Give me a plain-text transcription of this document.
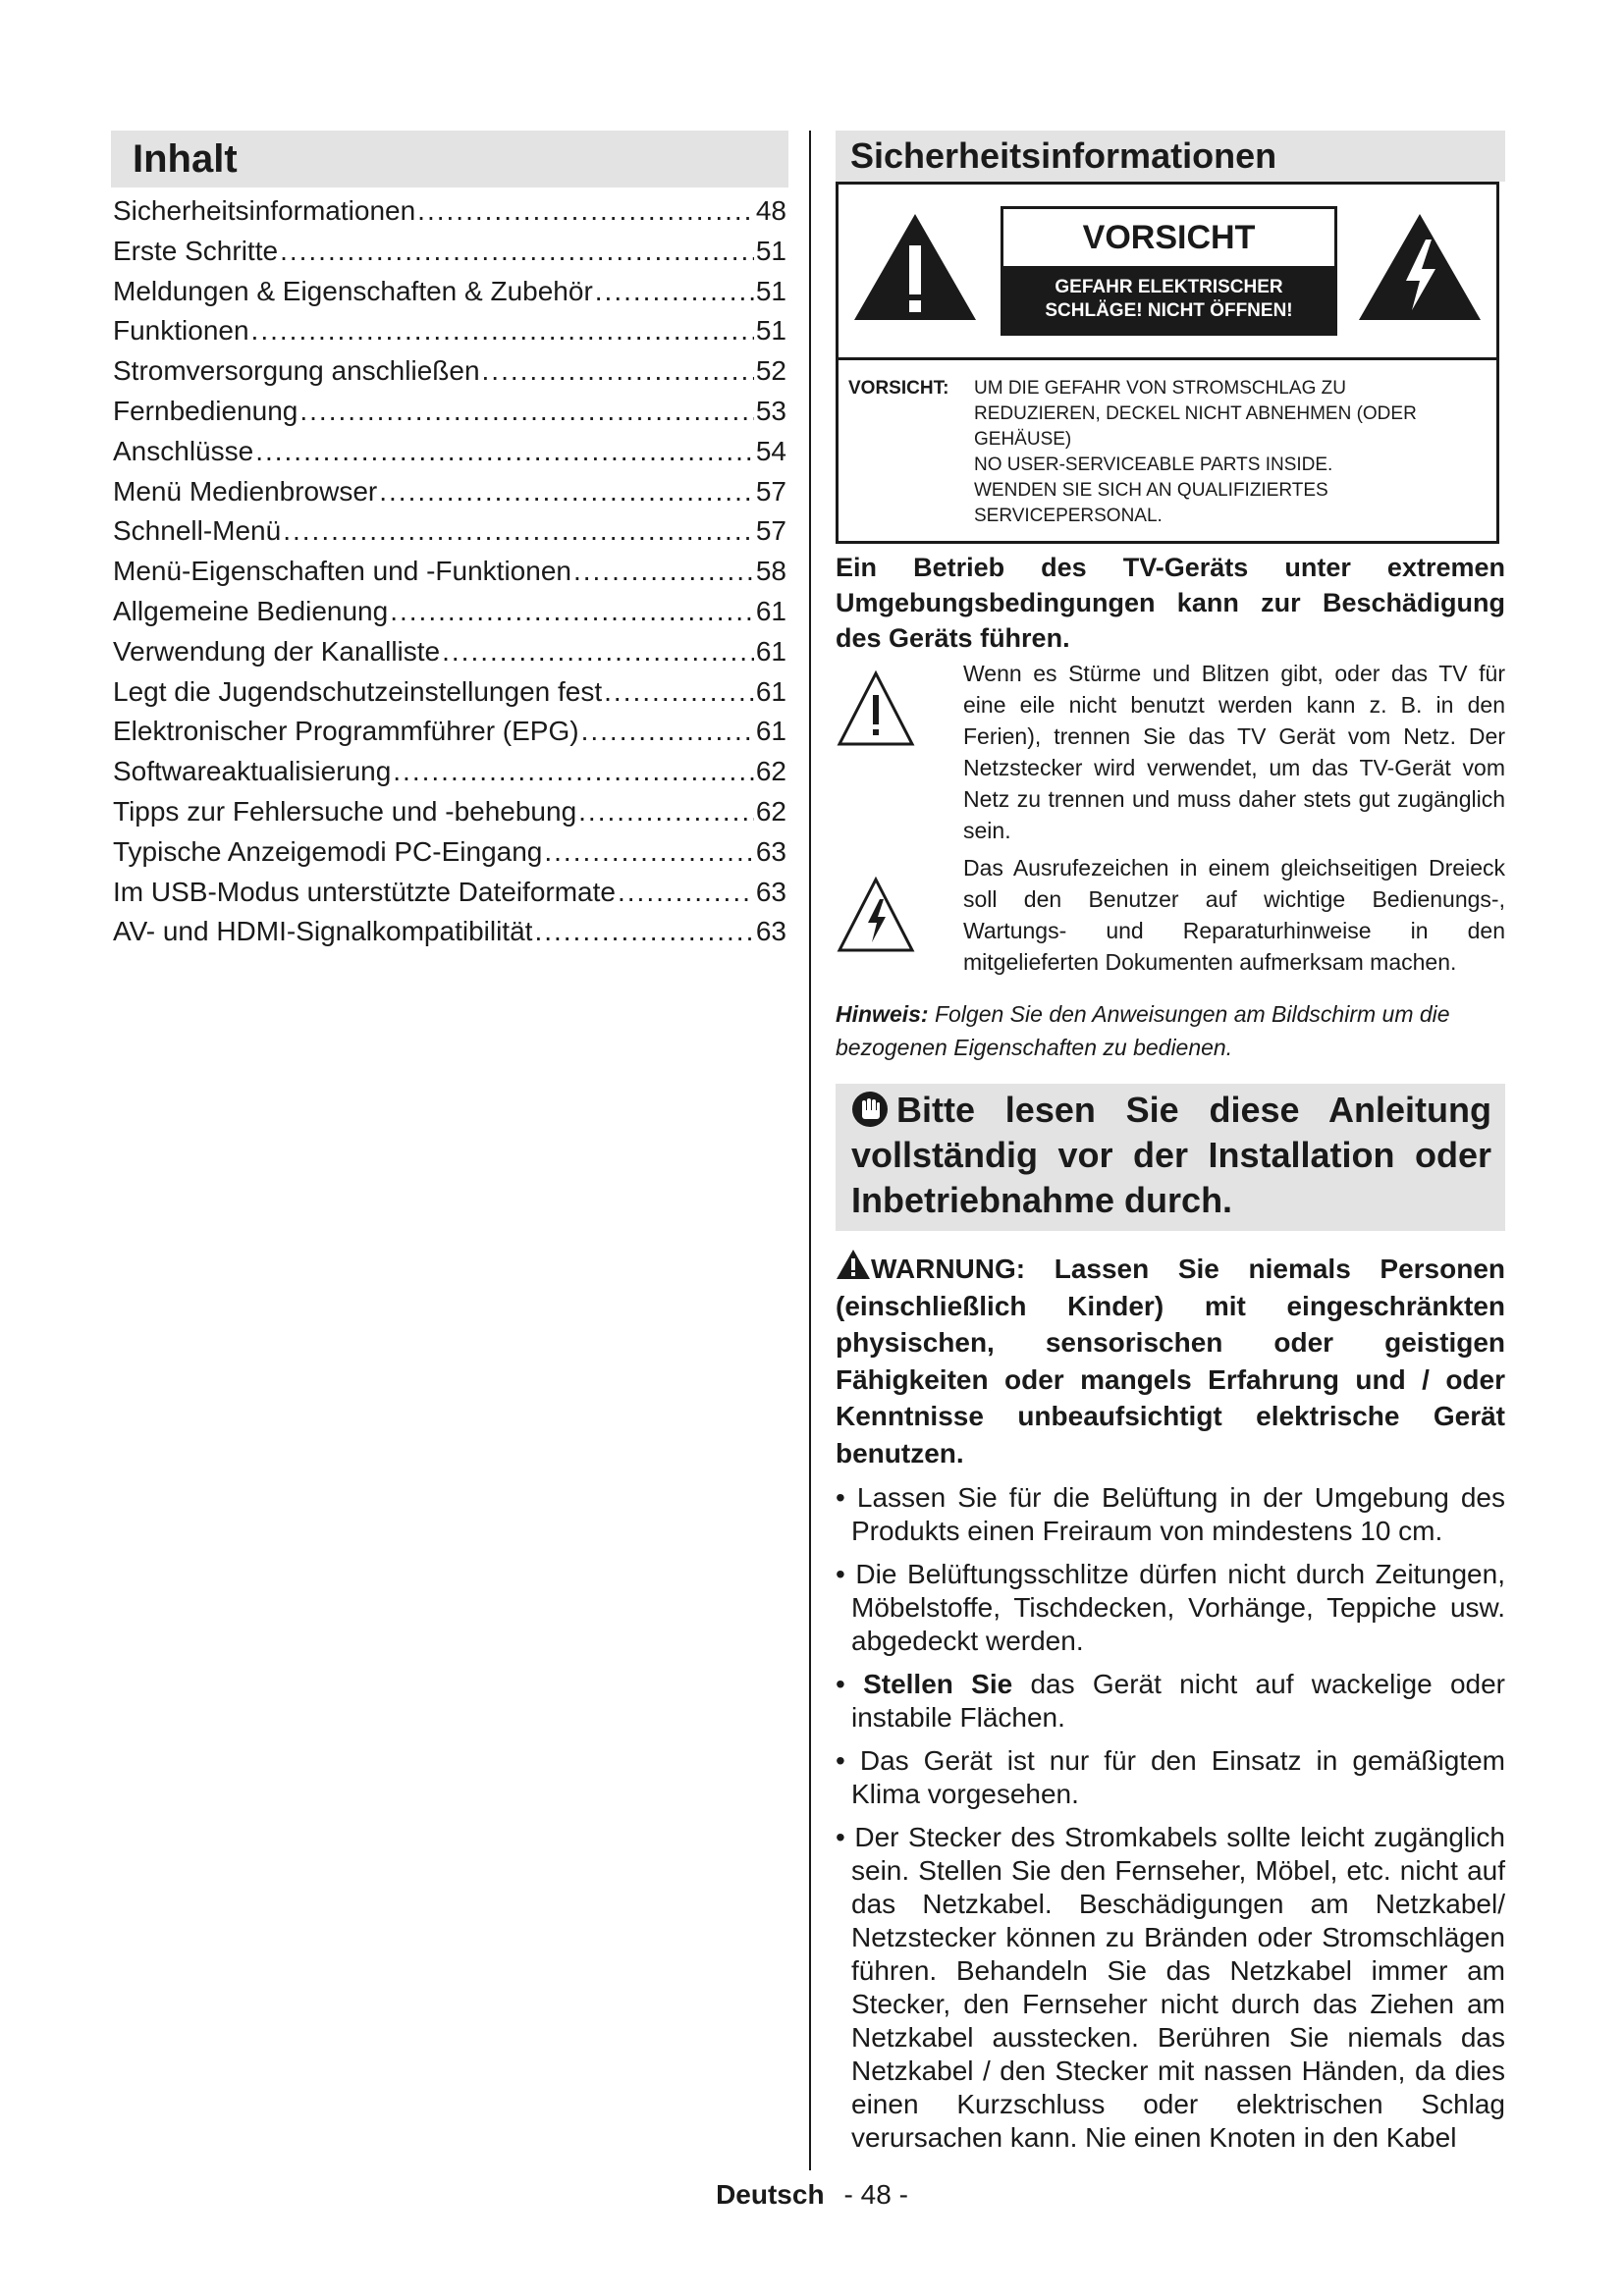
Inhalt
Sicherheitsinformationen .....	48
Erste Schritte .....	51
Meldungen & Eigenschaften & Zubehör .....	51
Funktionen .....	51
Stromversorgung anschließen .....	52
Fernbedienung .....	53
Anschlüsse .....	54
Menü Medienbrowser .....	57
Schnell-Menü .....	57
Menü-Eigenschaften und -Funktionen .....	58
Allgemeine Bedienung .....	61
Verwendung der Kanalliste .....	61
Legt die Jugendschutzeinstellungen fest .....	61
Elektronischer Programmführer (EPG) .....	61
Softwareaktualisierung .....	62
Tipps zur Fehlersuche und -behebung .....	62
Typische Anzeigemodi PC-Eingang .....	63
Im USB-Modus unterstützte Dateiformate .....	63
AV- und HDMI-Signalkompatibilität .....	63
Sicherheitsinformationen
VORSICHT
GEFAHR ELEKTRISCHER
SCHLÄGE! NICHT ÖFFNEN!
VORSICHT:	UM DIE GEFAHR VON STROMSCHLAG ZU
REDUZIEREN, DECKEL NICHT ABNEHMEN (ODER
GEHÄUSE)
NO USER-SERVICEABLE PARTS INSIDE.
WENDEN SIE SICH AN QUALIFIZIERTES
SERVICEPERSONAL.
Ein Betrieb des TV-Geräts unter extremen Umgebungsbedingungen kann zur Beschädigung des Geräts führen.
Wenn es Stürme und Blitzen gibt, oder das TV für eine eile nicht benutzt werden kann z. B. in den Ferien), trennen Sie das TV Gerät vom Netz. Der Netzstecker wird verwendet, um das TV-Gerät vom Netz zu trennen und muss daher stets gut zugänglich sein.
Das Ausrufezeichen in einem gleichseitigen Dreieck soll den Benutzer auf wichtige Bedienungs-, Wartungs- und Reparaturhinweise in den mitgelieferten Dokumenten aufmerksam machen.
Hinweis: Folgen Sie den Anweisungen am Bildschirm um die bezogenen Eigenschaften zu bedienen.
Bitte lesen Sie diese Anleitung vollständig vor der Installation oder Inbetriebnahme durch.
WARNUNG: Lassen Sie niemals Personen (einschließlich Kinder) mit eingeschränkten physischen, sensorischen oder geistigen Fähigkeiten oder mangels Erfahrung und / oder Kenntnisse unbeaufsichtigt elektrische Gerät benutzen.
• Lassen Sie für die Belüftung in der Umgebung des Produkts einen Freiraum von mindestens 10 cm.
• Die Belüftungsschlitze dürfen nicht durch Zeitungen, Möbelstoffe, Tischdecken, Vorhänge, Teppiche usw. abgedeckt werden.
• Stellen Sie das Gerät nicht auf wackelige oder instabile Flächen.
• Das Gerät ist nur für den Einsatz in gemäßigtem Klima vorgesehen.
• Der Stecker des Stromkabels sollte leicht zugänglich sein. Stellen Sie den Fernseher, Möbel, etc. nicht auf das Netzkabel. Beschädigungen am Netzkabel/ Netzstecker können zu Bränden oder Stromschlägen führen. Behandeln Sie das Netzkabel immer am Stecker, den Fernseher nicht durch das Ziehen am Netzkabel ausstecken. Berühren Sie niemals das Netzkabel / den Stecker mit nassen Händen, da dies einen Kurzschluss oder elektrischen Schlag verursachen kann. Nie einen Knoten in den Kabel
Deutsch - 48 -
